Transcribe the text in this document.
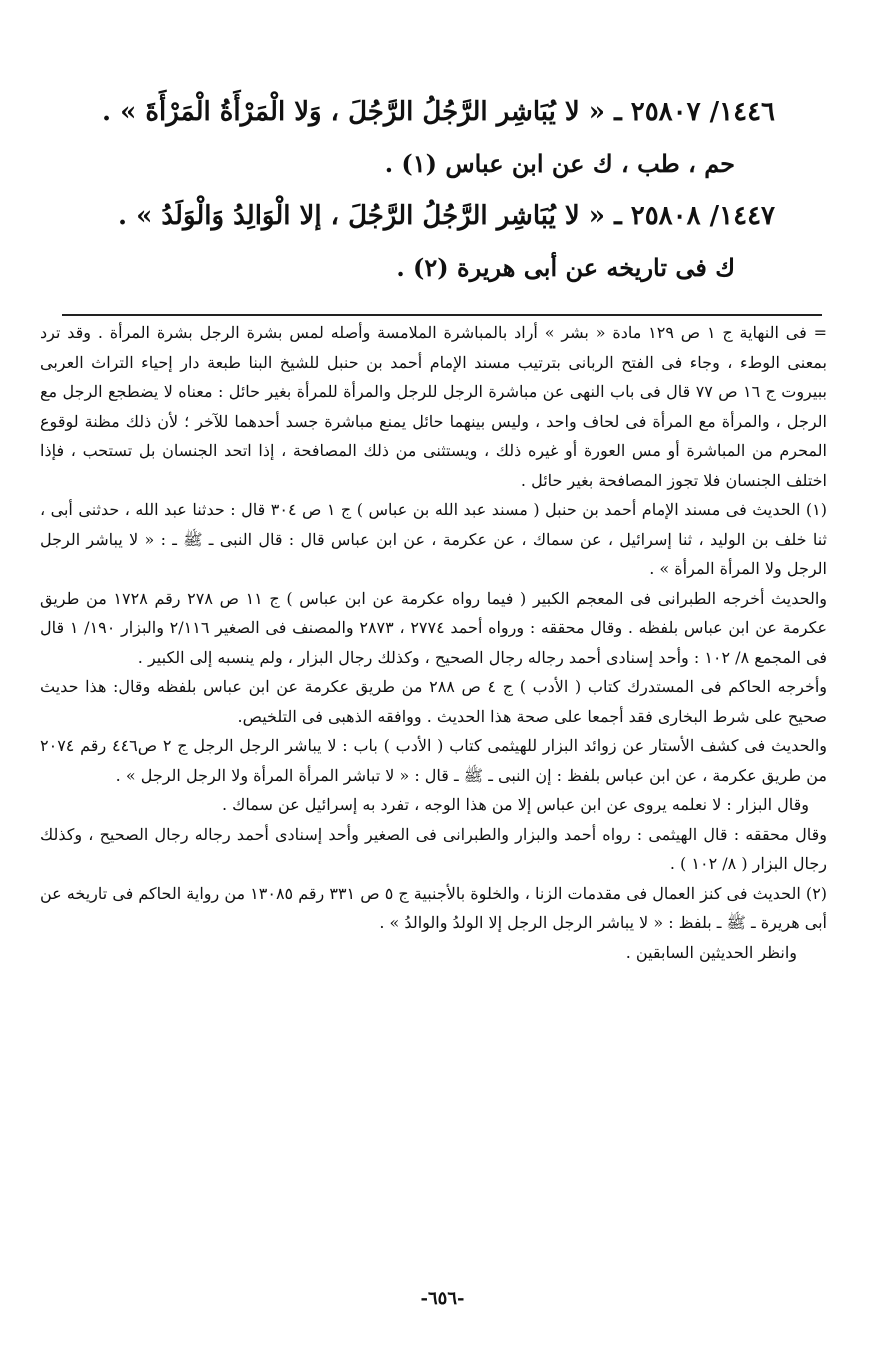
١٤٤٦/ ٢٥٨٠٧ ـ « لا يُبَاشِر الرَّجُلُ الرَّجُلَ ، وَلا الْمَرْأَةُ الْمَرْأَةَ » .

حم ، طب ، ك عن ابن عباس (١) .

١٤٤٧/ ٢٥٨٠٨ ـ « لا يُبَاشِر الرَّجُلُ الرَّجُلَ ، إلا الْوَالِدُ وَالْوَلَدُ » .

ك فى تاريخه عن أبى هريرة (٢) .

= فى النهاية ج ١ ص ١٢٩ مادة « بشر » أراد بالمباشرة الملامسة وأصله لمس بشرة الرجل بشرة المرأة . وقد ترد بمعنى الوطء ، وجاء فى الفتح الربانى بترتيب مسند الإمام أحمد بن حنبل للشيخ البنا طبعة دار إحياء التراث العربى ببيروت ج ١٦ ص ٧٧ قال فى باب النهى عن مباشرة الرجل للرجل والمرأة للمرأة بغير حائل : معناه لا يضطجع الرجل مع الرجل ، والمرأة مع المرأة فى لحاف واحد ، وليس بينهما حائل يمنع مباشرة جسد أحدهما للآخر ؛ لأن ذلك مظنة لوقوع المحرم من المباشرة أو مس العورة أو غيره ذلك ، ويستثنى من ذلك المصافحة ، إذا اتحد الجنسان بل تستحب ، فإذا اختلف الجنسان فلا تجوز المصافحة بغير حائل .

(١) الحديث فى مسند الإمام أحمد بن حنبل ( مسند عبد الله بن عباس ) ج ١ ص ٣٠٤ قال : حدثنا عبد الله ، حدثنى أبى ، ثنا خلف بن الوليد ، ثنا إسرائيل ، عن سماك ، عن عكرمة ، عن ابن عباس قال : قال النبى ـ ﷺ ـ : « لا يباشر الرجل الرجل ولا المرأة المرأة » .

والحديث أخرجه الطبرانى فى المعجم الكبير ( فيما رواه عكرمة عن ابن عباس ) ج ١١ ص ٢٧٨ رقم ١٧٢٨ من طريق عكرمة عن ابن عباس بلفظه . وقال محققه : ورواه أحمد ٢٧٧٤ ، ٢٨٧٣ والمصنف فى الصغير ٢/١١٦ والبزار ١٩٠/ ١ قال فى المجمع ٨/ ١٠٢ : وأحد إسنادى أحمد رجاله رجال الصحيح ، وكذلك رجال البزار ، ولم ينسبه إلى الكبير .

وأخرجه الحاكم فى المستدرك كتاب ( الأدب ) ج ٤ ص ٢٨٨ من طريق عكرمة عن ابن عباس بلفظه وقال: هذا حديث صحيح على شرط البخارى فقد أجمعا على صحة هذا الحديث . ووافقه الذهبى فى التلخيص.

والحديث فى كشف الأستار عن زوائد البزار للهيثمى كتاب ( الأدب ) باب : لا يباشر الرجل الرجل ج ٢ ص٤٤٦ رقم ٢٠٧٤ من طريق عكرمة ، عن ابن عباس بلفظ : إن النبى ـ ﷺ ـ قال : « لا تباشر المرأة المرأة ولا الرجل الرجل » .

وقال البزار : لا نعلمه يروى عن ابن عباس إلا من هذا الوجه ، تفرد به إسرائيل عن سماك .

وقال محققه : قال الهيثمى : رواه أحمد والبزار والطبرانى فى الصغير وأحد إسنادى أحمد رجاله رجال الصحيح ، وكذلك رجال البزار ( ٨/ ١٠٢ ) .

(٢) الحديث فى كنز العمال فى مقدمات الزنا ، والخلوة بالأجنبية ج ٥ ص ٣٣١ رقم ١٣٠٨٥ من رواية الحاكم فى تاريخه عن أبى هريرة ـ ﷺ ـ بلفظ : « لا يباشر الرجل الرجل إلا الولدُ والوالدُ » .

وانظر الحديثين السابقين .

-٦٥٦-
